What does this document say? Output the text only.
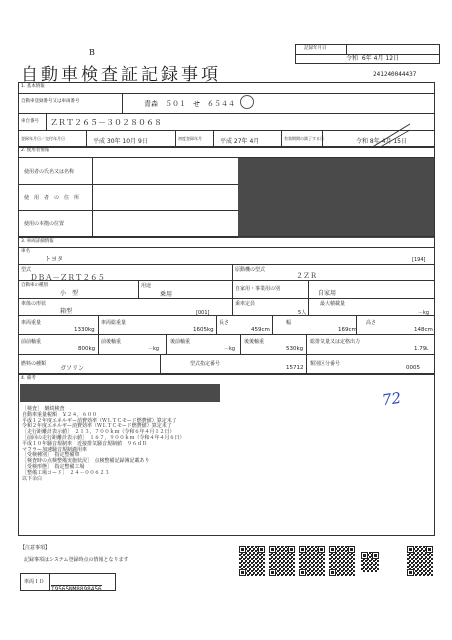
B
自動車検査証記録事項
記録年月日
令和 6年 4月 12日
241240044437
1. 基本情報
自動車登録番号又は車両番号	青森　５０１　せ　６５４４
車台番号 ＺＲＴ２６５－３０２８０６８
登録年月日／交付年月日	平成 30年 10月 9日	初度登録年月	平成 27年 4月	有効期間の満了する日	令和 8年 4月 15日
2. 使用者情報
使用者の氏名又は名称
使　用　者　の　住　所
使用の本拠の位置
3. 車両詳細情報
車名
トヨタ	[194]
型式
ＤＢＡ－ＺＲＴ２６５
原動機の型式
２ＺＲ
自動車の種別
小　型
用途
乗用
自家用・事業用の別
自家用
車体の形状
箱型	[001]
乗車定員
5人
最大積載量
－kg
車両重量
1330kg
車両総重量
1605kg
長さ
459cm
幅
169cm
高さ
148cm
前前軸重
800kg
前後軸重
－kg
後前軸重
－kg
後後軸重
530kg
総排気量又は定格出力
1.79L
燃料の種類
ガソリン
型式指定番号
15712
類別区分番号
0005
4. 備考
72
［検査］　継続検査
自動車重量税額　￥２４，６００
平成１２年度エネルギー消費効率（ＷＬＴＣモード燃費値）算定未了
令和２年度エネルギー消費効率（ＷＬＴＣモード燃費値）算定未了
［走行距離計表示値］　２１３，７００ｋｍ（令和６年４月１２日）
［前回の走行距離計表示値］　１６７，９００ｋｍ（令和４年４月６日）
平成１０年騒音規制車　近接排気騒音規制値　９６ｄＢ
マフラー加速騒音規制適用車
［受検種別］　指定整備車
［検査時の点検整備実施状況］　点検整備記録簿記載あり
［受検形態］　指定整備工場
［整備工場コード］　２４－００６２３
以下余白
【注意事項】
記録事項はシステム登録時点の情報となります
車両ＩＤ
T9565NM8898456
